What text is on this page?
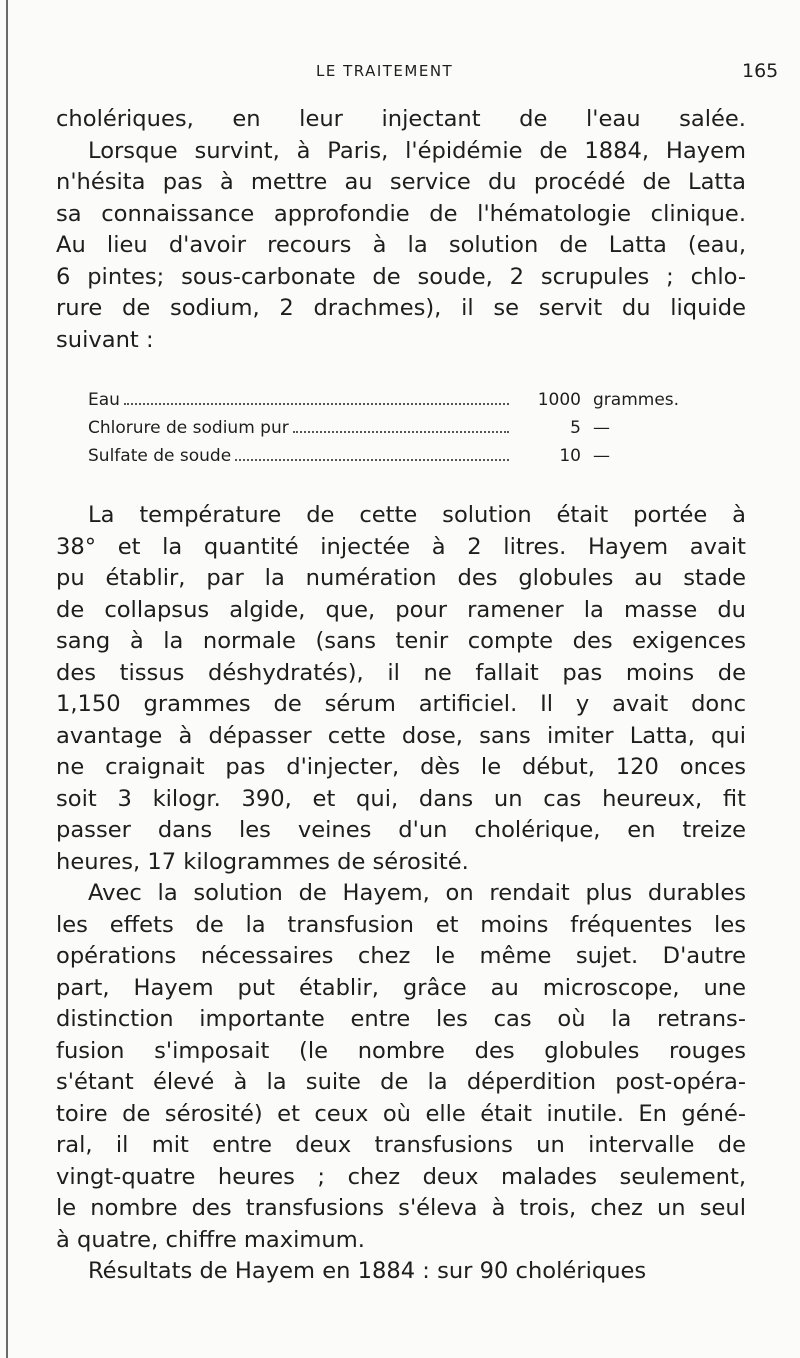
LE TRAITEMENT	165

cholériques, en leur injectant de l'eau salée.
Lorsque survint, à Paris, l'épidémie de 1884, Hayem
n'hésita pas à mettre au service du procédé de Latta
sa connaissance approfondie de l'hématologie clinique.
Au lieu d'avoir recours à la solution de Latta (eau,
6 pintes; sous-carbonate de soude, 2 scrupules ; chlo-
rure de sodium, 2 drachmes), il se servit du liquide
suivant :

Eau	1000 grammes.
Chlorure de sodium pur	5 —
Sulfate de soude	10 —

La température de cette solution était portée à
38° et la quantité injectée à 2 litres. Hayem avait
pu établir, par la numération des globules au stade
de collapsus algide, que, pour ramener la masse du
sang à la normale (sans tenir compte des exigences
des tissus déshydratés), il ne fallait pas moins de
1,150 grammes de sérum artificiel. Il y avait donc
avantage à dépasser cette dose, sans imiter Latta, qui
ne craignait pas d'injecter, dès le début, 120 onces
soit 3 kilogr. 390, et qui, dans un cas heureux, fit
passer dans les veines d'un cholérique, en treize
heures, 17 kilogrammes de sérosité.

Avec la solution de Hayem, on rendait plus durables
les effets de la transfusion et moins fréquentes les
opérations nécessaires chez le même sujet. D'autre
part, Hayem put établir, grâce au microscope, une
distinction importante entre les cas où la retrans-
fusion s'imposait (le nombre des globules rouges
s'étant élevé à la suite de la déperdition post-opéra-
toire de sérosité) et ceux où elle était inutile. En géné-
ral, il mit entre deux transfusions un intervalle de
vingt-quatre heures ; chez deux malades seulement,
le nombre des transfusions s'éleva à trois, chez un seul
à quatre, chiffre maximum.

Résultats de Hayem en 1884 : sur 90 cholériques
